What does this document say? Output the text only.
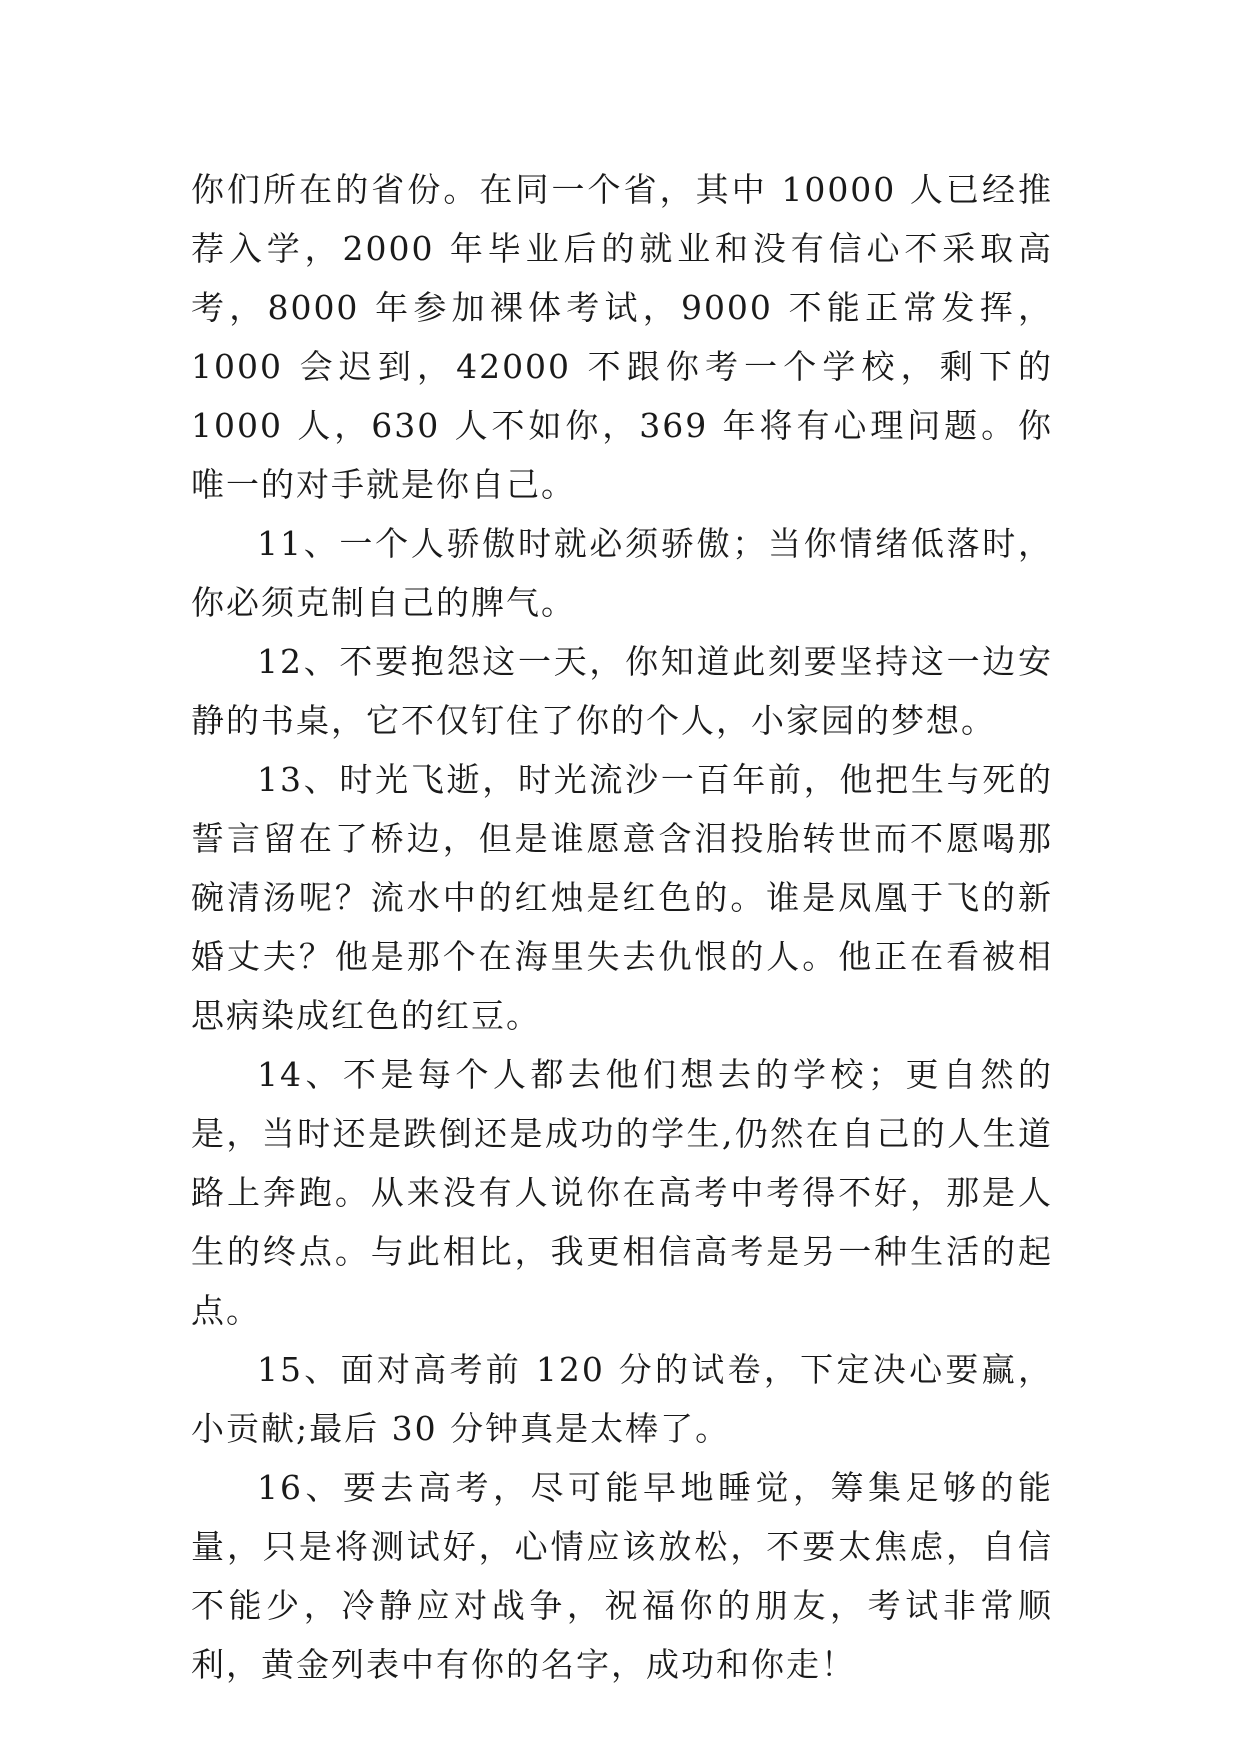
你们所在的省份。在同一个省，其中 10000 人已经推荐入学，2000 年毕业后的就业和没有信心不采取高考，8000 年参加裸体考试，9000 不能正常发挥，1000 会迟到，42000 不跟你考一个学校，剩下的 1000 人，630 人不如你，369 年将有心理问题。你唯一的对手就是你自己。

11、一个人骄傲时就必须骄傲；当你情绪低落时，你必须克制自己的脾气。

12、不要抱怨这一天，你知道此刻要坚持这一边安静的书桌，它不仅钉住了你的个人，小家园的梦想。

13、时光飞逝，时光流沙一百年前，他把生与死的誓言留在了桥边，但是谁愿意含泪投胎转世而不愿喝那碗清汤呢？流水中的红烛是红色的。谁是凤凰于飞的新婚丈夫？他是那个在海里失去仇恨的人。他正在看被相思病染成红色的红豆。

14、不是每个人都去他们想去的学校；更自然的是，当时还是跌倒还是成功的学生,仍然在自己的人生道路上奔跑。从来没有人说你在高考中考得不好，那是人生的终点。与此相比，我更相信高考是另一种生活的起点。

15、面对高考前 120 分的试卷，下定决心要赢，小贡献;最后 30 分钟真是太棒了。

16、要去高考，尽可能早地睡觉，筹集足够的能量，只是将测试好，心情应该放松，不要太焦虑，自信不能少，冷静应对战争，祝福你的朋友，考试非常顺利，黄金列表中有你的名字，成功和你走！
